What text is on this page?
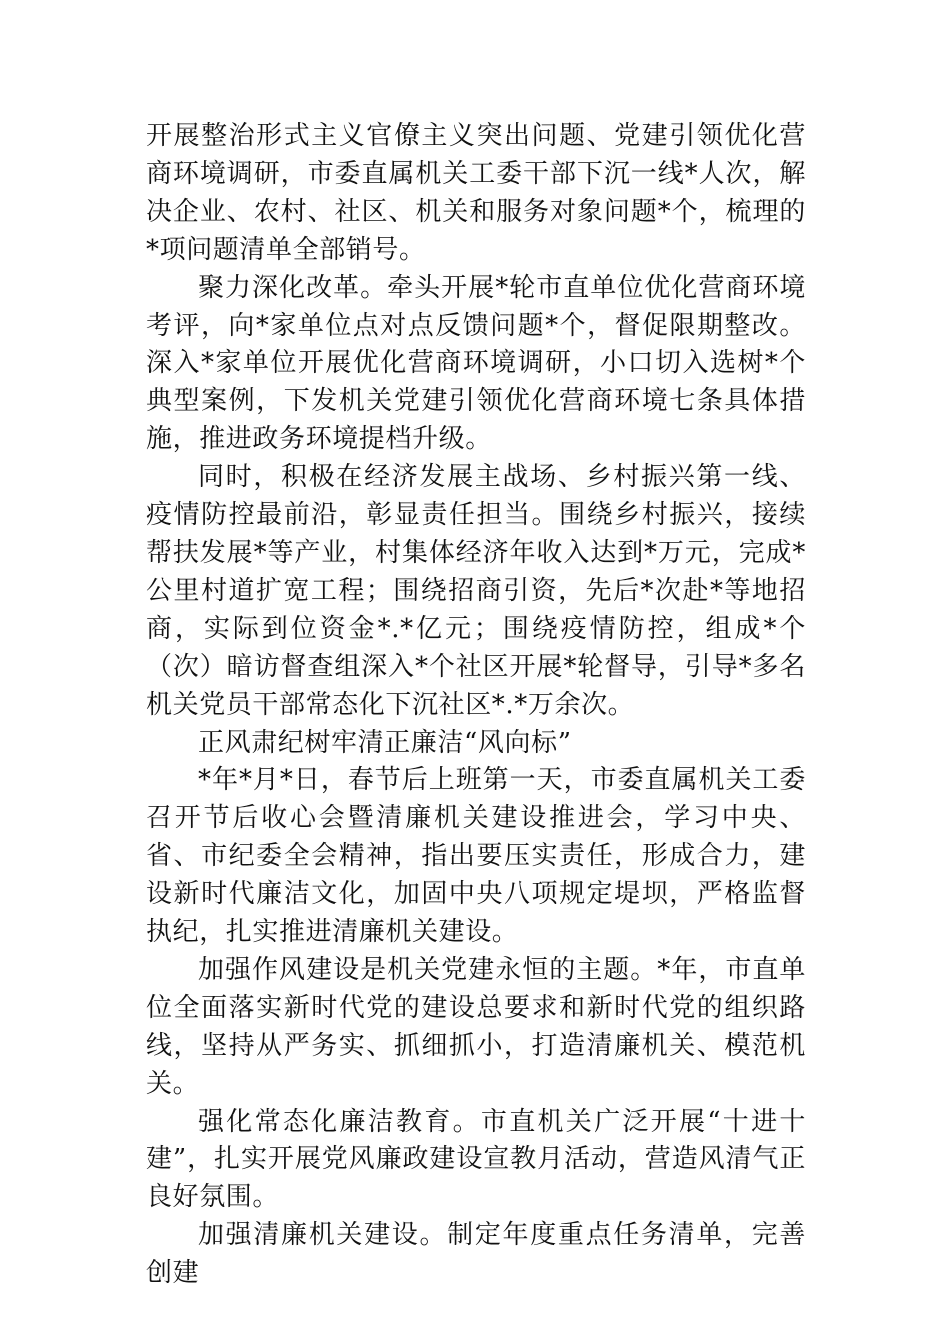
开展整治形式主义官僚主义突出问题、党建引领优化营商环境调研，市委直属机关工委干部下沉一线*人次，解决企业、农村、社区、机关和服务对象问题*个，梳理的*项问题清单全部销号。

聚力深化改革。牵头开展*轮市直单位优化营商环境考评，向*家单位点对点反馈问题*个，督促限期整改。深入*家单位开展优化营商环境调研，小口切入选树*个典型案例，下发机关党建引领优化营商环境七条具体措施，推进政务环境提档升级。

同时，积极在经济发展主战场、乡村振兴第一线、疫情防控最前沿，彰显责任担当。围绕乡村振兴，接续帮扶发展*等产业，村集体经济年收入达到*万元，完成*公里村道扩宽工程；围绕招商引资，先后*次赴*等地招商，实际到位资金*.*亿元；围绕疫情防控，组成*个（次）暗访督查组深入*个社区开展*轮督导，引导*多名机关党员干部常态化下沉社区*.*万余次。

正风肃纪树牢清正廉洁“风向标”

*年*月*日，春节后上班第一天，市委直属机关工委召开节后收心会暨清廉机关建设推进会，学习中央、省、市纪委全会精神，指出要压实责任，形成合力，建设新时代廉洁文化，加固中央八项规定堤坝，严格监督执纪，扎实推进清廉机关建设。

加强作风建设是机关党建永恒的主题。*年，市直单位全面落实新时代党的建设总要求和新时代党的组织路线，坚持从严务实、抓细抓小，打造清廉机关、模范机关。

强化常态化廉洁教育。市直机关广泛开展“十进十建”，扎实开展党风廉政建设宣教月活动，营造风清气正良好氛围。

加强清廉机关建设。制定年度重点任务清单，完善创建
